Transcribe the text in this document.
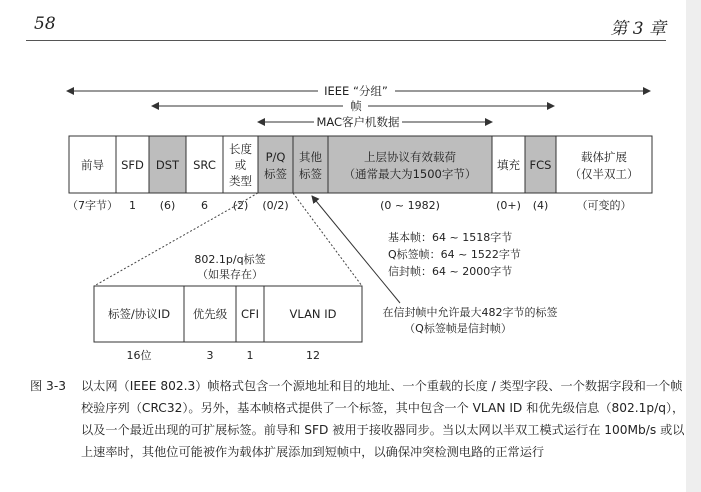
58	第 3 章
IEEE “分组”
帧
MAC客户机数据
前导 SFD DST SRC
长度
或
类型
P/Q
标签
其他
标签
上层协议有效载荷
（通常最大为1500字节）
填充 FCS
载体扩展
（仅半双工）
（7字节） 1 (6) 6 (2) (0/2)	(0 ~ 1982)	(0+) (4)	（可变的）
基本帧：64 ~ 1518字节
Q标签帧：64 ~ 1522字节
信封帧：64 ~ 2000字节
802.1p/q标签
（如果存在）
标签/协议ID 优先级 CFI	VLAN ID
16位	3	1	12
在信封帧中允许最大482字节的标签
（Q标签帧是信封帧）
图 3-3	以太网（IEEE 802.3）帧格式包含一个源地址和目的地址、一个重载的长度 / 类型字段、一个数据字段和一个帧校验序列（CRC32）。另外，基本帧格式提供了一个标签，其中包含一个 VLAN ID 和优先级信息（802.1p/q），以及一个最近出现的可扩展标签。前导和 SFD 被用于接收器同步。当以太网以半双工模式运行在 100Mb/s 或以上速率时，其他位可能被作为载体扩展添加到短帧中，以确保冲突检测电路的正常运行
